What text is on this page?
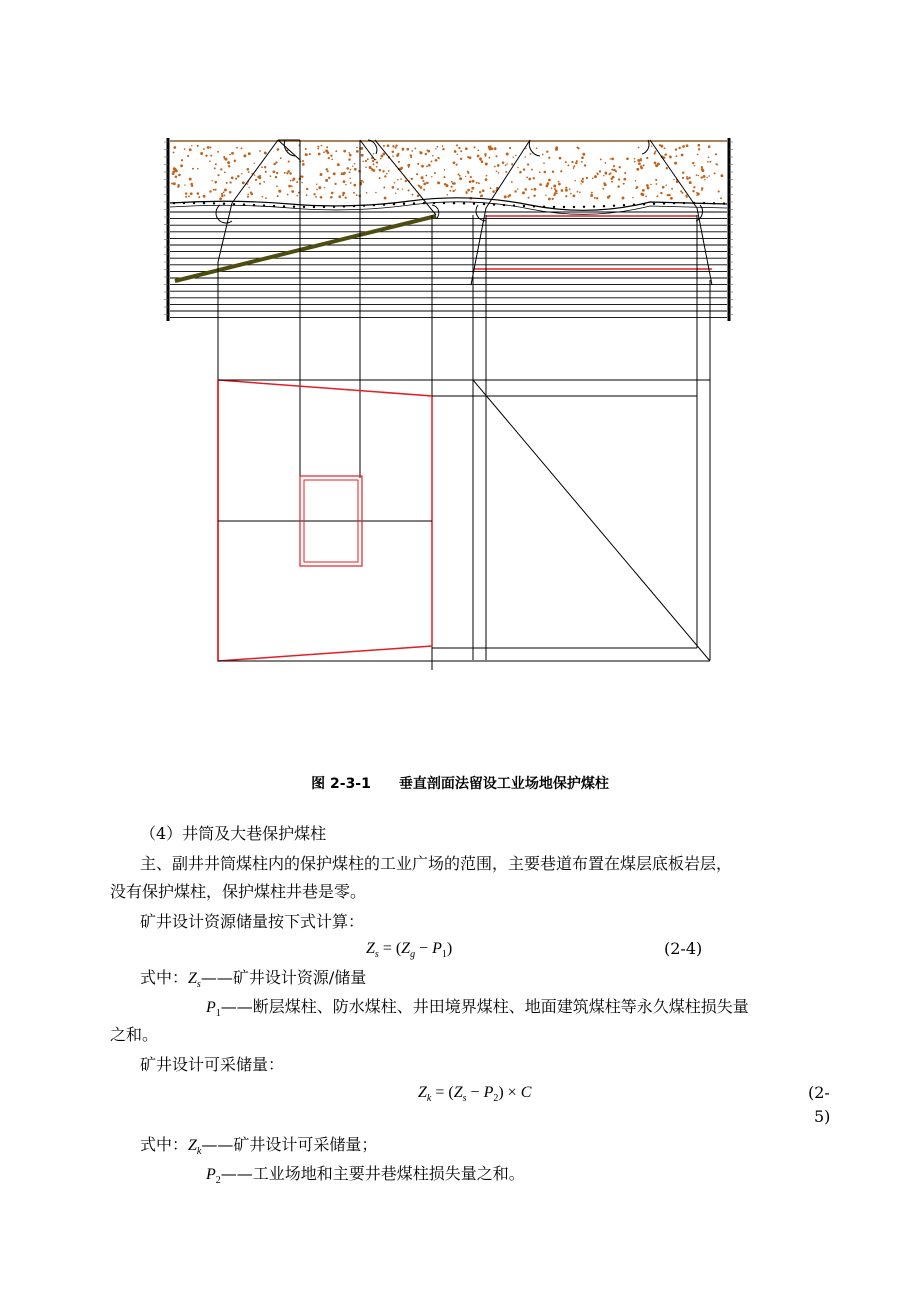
图 2-3-1 垂直剖面法留设工业场地保护煤柱
（4）井筒及大巷保护煤柱
主、副井井筒煤柱内的保护煤柱的工业广场的范围，主要巷道布置在煤层底板岩层，
没有保护煤柱，保护煤柱井巷是零。
矿井设计资源储量按下式计算：
$Z_s = (Z_g - P_1)$	(2-4)
式中：$Z_s——$矿井设计资源/储量
$P_1——$断层煤柱、防水煤柱、井田境界煤柱、地面建筑煤柱等永久煤柱损失量
之和。
矿井设计可采储量：
$Z_k = (Z_s - P_2) \times C$	(2-
5)
式中：$Z_k——$矿井设计可采储量；
$P_2——$工业场地和主要井巷煤柱损失量之和。
